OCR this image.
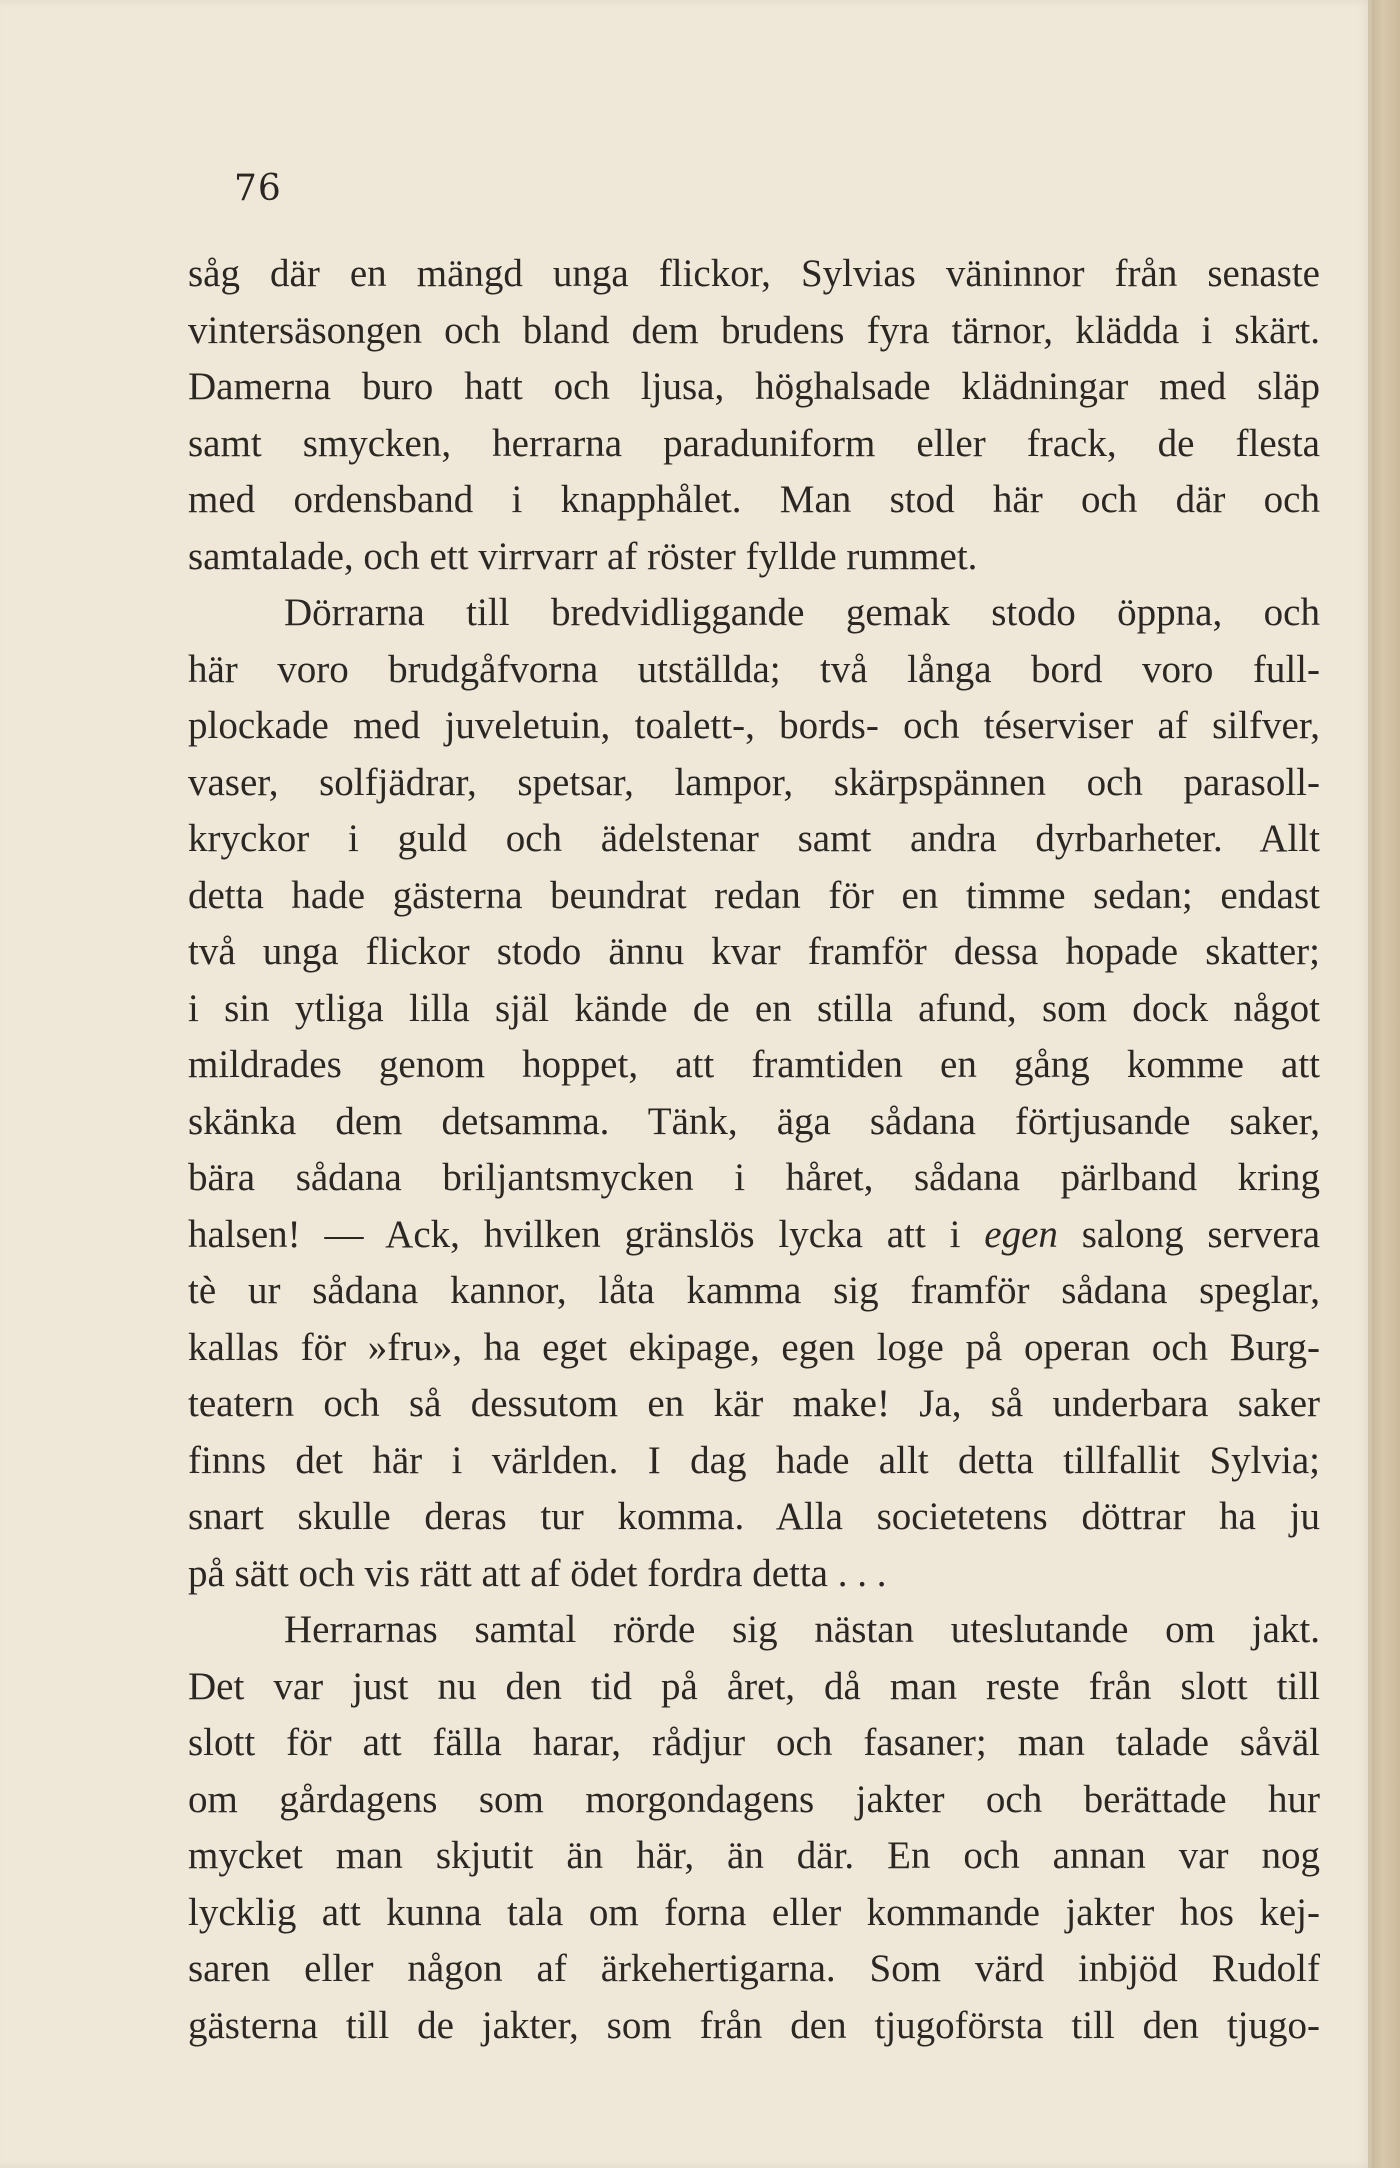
76
såg där en mängd unga flickor, Sylvias väninnor från senaste
vintersäsongen och bland dem brudens fyra tärnor, klädda i skärt.
Damerna buro hatt och ljusa, höghalsade klädningar med släp
samt smycken, herrarna paraduniform eller frack, de flesta
med ordensband i knapphålet. Man stod här och där och
samtalade, och ett virrvarr af röster fyllde rummet.
Dörrarna till bredvidliggande gemak stodo öppna, och
här voro brudgåfvorna utställda; två långa bord voro full-
plockade med juveletuin, toalett-, bords- och téserviser af silfver,
vaser, solfjädrar, spetsar, lampor, skärpspännen och parasoll-
kryckor i guld och ädelstenar samt andra dyrbarheter. Allt
detta hade gästerna beundrat redan för en timme sedan; endast
två unga flickor stodo ännu kvar framför dessa hopade skatter;
i sin ytliga lilla själ kände de en stilla afund, som dock något
mildrades genom hoppet, att framtiden en gång komme att
skänka dem detsamma. Tänk, äga sådana förtjusande saker,
bära sådana briljantsmycken i håret, sådana pärlband kring
halsen! — Ack, hvilken gränslös lycka att i egen salong servera
tè ur sådana kannor, låta kamma sig framför sådana speglar,
kallas för »fru», ha eget ekipage, egen loge på operan och Burg-
teatern och så dessutom en kär make! Ja, så underbara saker
finns det här i världen. I dag hade allt detta tillfallit Sylvia;
snart skulle deras tur komma. Alla societetens döttrar ha ju
på sätt och vis rätt att af ödet fordra detta . . .
Herrarnas samtal rörde sig nästan uteslutande om jakt.
Det var just nu den tid på året, då man reste från slott till
slott för att fälla harar, rådjur och fasaner; man talade såväl
om gårdagens som morgondagens jakter och berättade hur
mycket man skjutit än här, än där. En och annan var nog
lycklig att kunna tala om forna eller kommande jakter hos kej-
saren eller någon af ärkehertigarna. Som värd inbjöd Rudolf
gästerna till de jakter, som från den tjugoförsta till den tjugo-
